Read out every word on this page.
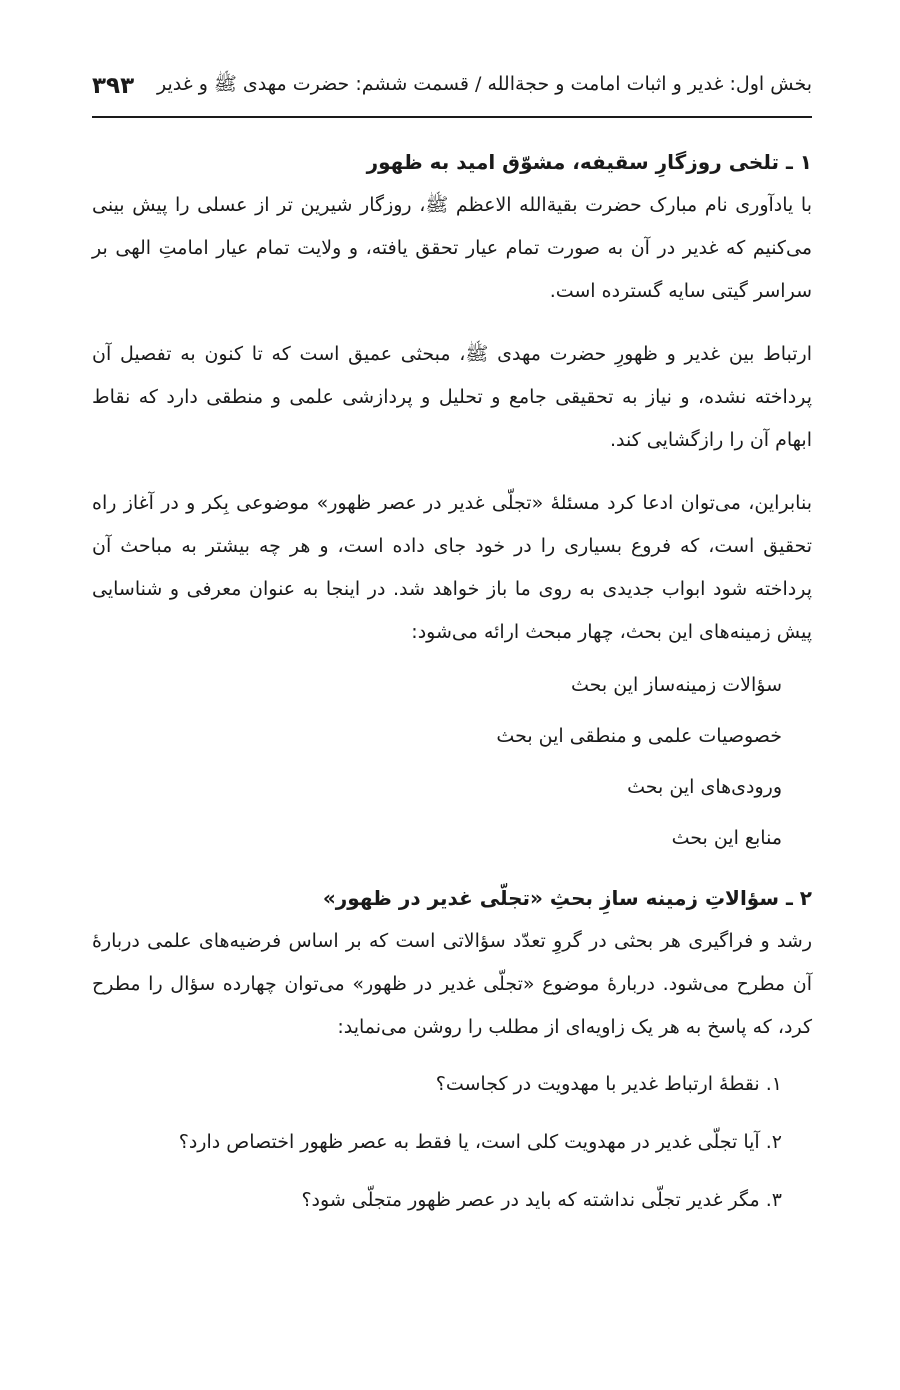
بخش اول: غدیر و اثبات امامت و حجةالله / قسمت ششم: حضرت مهدی ﷺ و غدیر
۳۹۳
۱ ـ تلخی روزگارِ سقیفه، مشوّق امید به ظهور

با یادآوری نام مبارک حضرت بقیةالله الاعظم ﷺ، روزگار شیرین تر از عسلی را پیش بینی می‌کنیم که غدیر در آن به صورت تمام عیار تحقق یافته، و ولایت تمام عیار امامتِ الهی بر سراسر گیتی سایه گسترده است.

ارتباط بین غدیر و ظهورِ حضرت مهدی ﷺ، مبحثی عمیق است که تا کنون به تفصیل آن پرداخته نشده، و نیاز به تحقیقی جامع و تحلیل و پردازشی علمی و منطقی دارد که نقاط ابهام آن را رازگشایی کند.

بنابراین، می‌توان ادعا کرد مسئلهٔ «تجلّی غدیر در عصر ظهور» موضوعی بِکر و در آغاز راه تحقیق است، که فروع بسیاری را در خود جای داده است، و هر چه بیشتر به مباحث آن پرداخته شود ابواب جدیدی به روی ما باز خواهد شد. در اینجا به عنوان معرفی و شناسایی پیش زمینه‌های این بحث، چهار مبحث ارائه می‌شود:

سؤالات زمینه‌ساز این بحث
خصوصیات علمی و منطقی این بحث
ورودی‌های این بحث
منابع این بحث
۲ ـ سؤالاتِ زمینه سازِ بحثِ «تجلّی غدیر در ظهور»

رشد و فراگیری هر بحثی در گروِ تعدّد سؤالاتی است که بر اساس فرضیه‌های علمی دربارهٔ آن مطرح می‌شود. دربارهٔ موضوع «تجلّی غدیر در ظهور» می‌توان چهارده سؤال را مطرح کرد، که پاسخ به هر یک زاویه‌ای از مطلب را روشن می‌نماید:

۱. نقطهٔ ارتباط غدیر با مهدویت در کجاست؟
۲. آیا تجلّی غدیر در مهدویت کلی است، یا فقط به عصر ظهور اختصاص دارد؟
۳. مگر غدیر تجلّی نداشته که باید در عصر ظهور متجلّی شود؟
